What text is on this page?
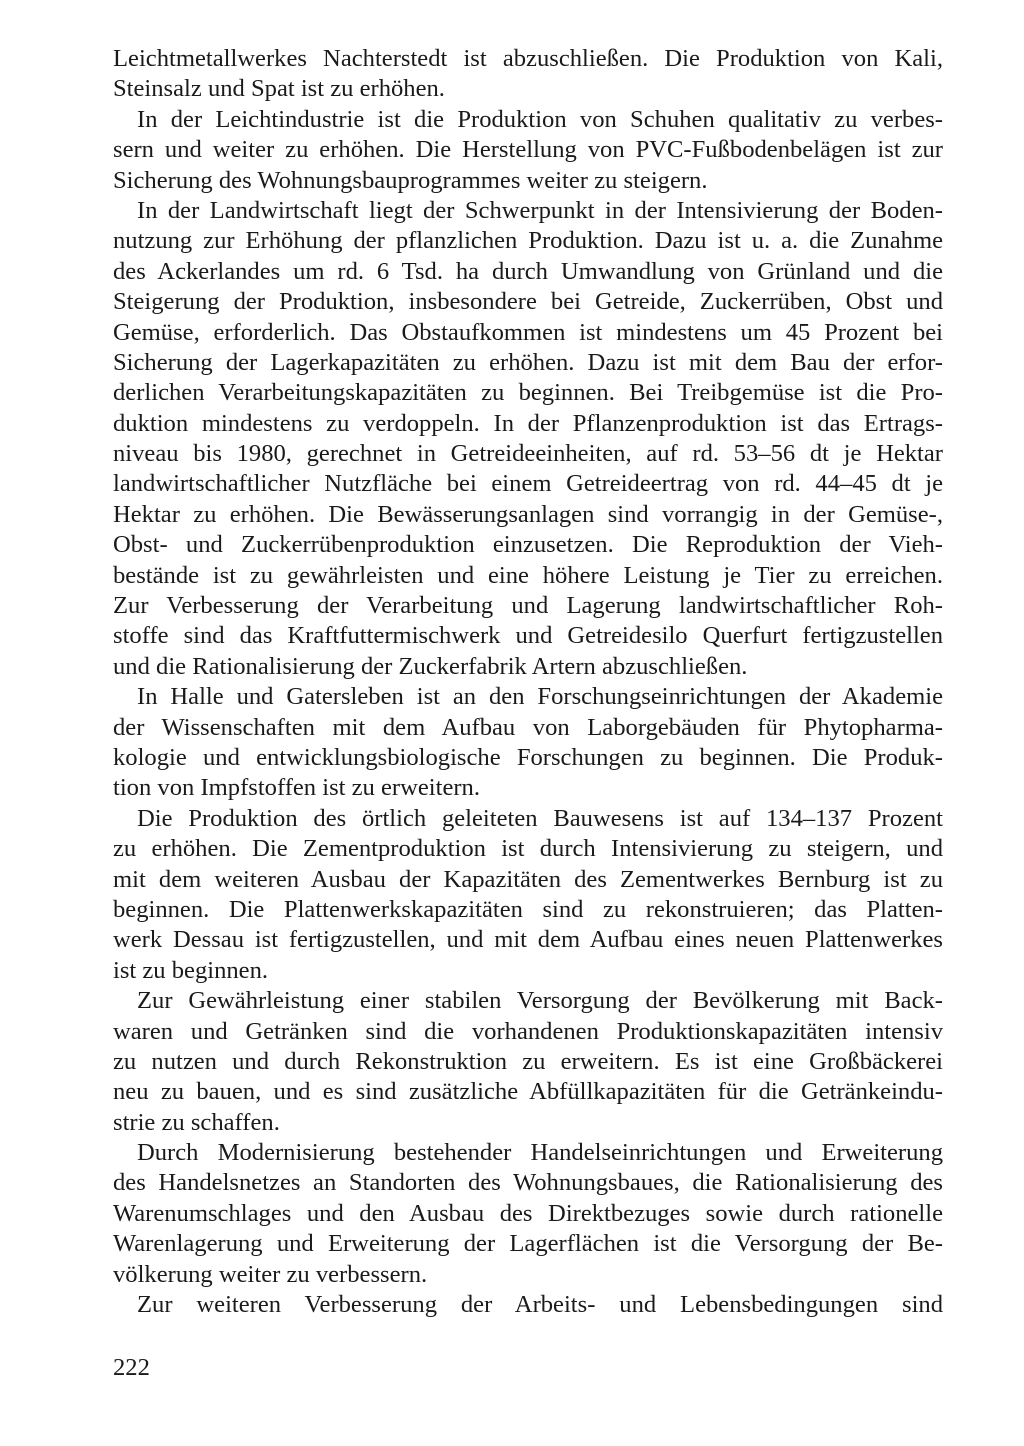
Leichtmetallwerkes Nachterstedt ist abzuschließen. Die Produktion von Kali,
Steinsalz und Spat ist zu erhöhen.
In der Leichtindustrie ist die Produktion von Schuhen qualitativ zu verbes-
sern und weiter zu erhöhen. Die Herstellung von PVC-Fußbodenbelägen ist zur
Sicherung des Wohnungsbauprogrammes weiter zu steigern.
In der Landwirtschaft liegt der Schwerpunkt in der Intensivierung der Boden-
nutzung zur Erhöhung der pflanzlichen Produktion. Dazu ist u. a. die Zunahme
des Ackerlandes um rd. 6 Tsd. ha durch Umwandlung von Grünland und die
Steigerung der Produktion, insbesondere bei Getreide, Zuckerrüben, Obst und
Gemüse, erforderlich. Das Obstaufkommen ist mindestens um 45 Prozent bei
Sicherung der Lagerkapazitäten zu erhöhen. Dazu ist mit dem Bau der erfor-
derlichen Verarbeitungskapazitäten zu beginnen. Bei Treibgemüse ist die Pro-
duktion mindestens zu verdoppeln. In der Pflanzenproduktion ist das Ertrags-
niveau bis 1980, gerechnet in Getreideeinheiten, auf rd. 53–56 dt je Hektar
landwirtschaftlicher Nutzfläche bei einem Getreideertrag von rd. 44–45 dt je
Hektar zu erhöhen. Die Bewässerungsanlagen sind vorrangig in der Gemüse-,
Obst- und Zuckerrübenproduktion einzusetzen. Die Reproduktion der Vieh-
bestände ist zu gewährleisten und eine höhere Leistung je Tier zu erreichen.
Zur Verbesserung der Verarbeitung und Lagerung landwirtschaftlicher Roh-
stoffe sind das Kraftfuttermischwerk und Getreidesilo Querfurt fertigzustellen
und die Rationalisierung der Zuckerfabrik Artern abzuschließen.
In Halle und Gatersleben ist an den Forschungseinrichtungen der Akademie
der Wissenschaften mit dem Aufbau von Laborgebäuden für Phytopharma-
kologie und entwicklungsbiologische Forschungen zu beginnen. Die Produk-
tion von Impfstoffen ist zu erweitern.
Die Produktion des örtlich geleiteten Bauwesens ist auf 134–137 Prozent
zu erhöhen. Die Zementproduktion ist durch Intensivierung zu steigern, und
mit dem weiteren Ausbau der Kapazitäten des Zementwerkes Bernburg ist zu
beginnen. Die Plattenwerkskapazitäten sind zu rekonstruieren; das Platten-
werk Dessau ist fertigzustellen, und mit dem Aufbau eines neuen Plattenwerkes
ist zu beginnen.
Zur Gewährleistung einer stabilen Versorgung der Bevölkerung mit Back-
waren und Getränken sind die vorhandenen Produktionskapazitäten intensiv
zu nutzen und durch Rekonstruktion zu erweitern. Es ist eine Großbäckerei
neu zu bauen, und es sind zusätzliche Abfüllkapazitäten für die Getränkeindu-
strie zu schaffen.
Durch Modernisierung bestehender Handelseinrichtungen und Erweiterung
des Handelsnetzes an Standorten des Wohnungsbaues, die Rationalisierung des
Warenumschlages und den Ausbau des Direktbezuges sowie durch rationelle
Warenlagerung und Erweiterung der Lagerflächen ist die Versorgung der Be-
völkerung weiter zu verbessern.
Zur weiteren Verbesserung der Arbeits- und Lebensbedingungen sind
222
